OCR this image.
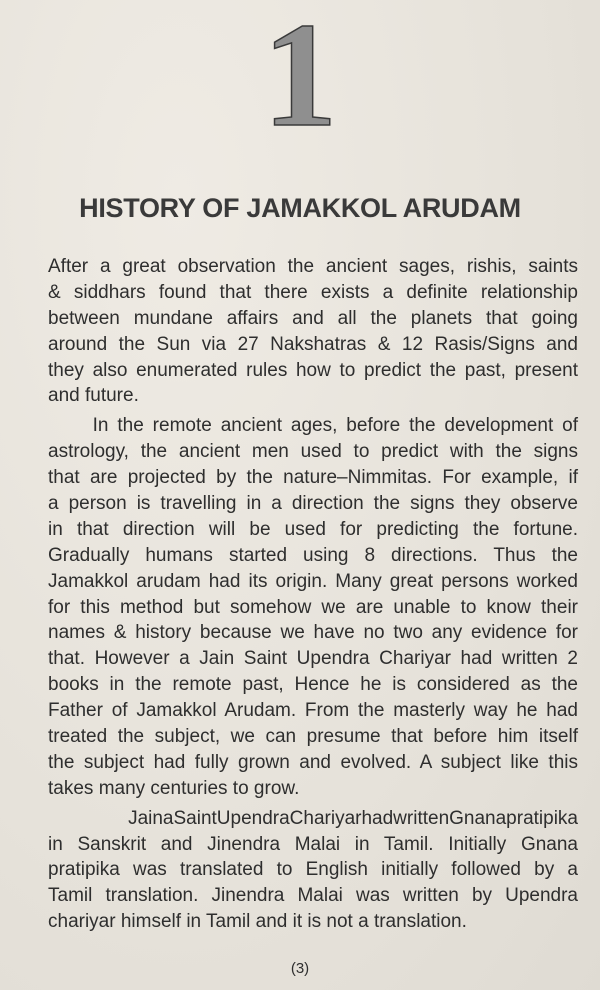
1
HISTORY OF JAMAKKOL ARUDAM
After a great observation the ancient sages, rishis, saints
& siddhars found that there exists a definite relationship
between mundane affairs and all the planets that going
around the Sun via 27 Nakshatras & 12 Rasis/Signs and
they also enumerated rules how to predict the past, present
and future.
In the remote ancient ages, before the development of
astrology, the ancient men used to predict with the signs
that are projected by the nature–Nimmitas. For example, if
a person is travelling in a direction the signs they observe
in that direction will be used for predicting the fortune.
Gradually humans started using 8 directions. Thus the
Jamakkol arudam had its origin. Many great persons worked
for this method but somehow we are unable to know their
names & history because we have no two any evidence for
that. However a Jain Saint Upendra Chariyar had written 2
books in the remote past, Hence he is considered as the
Father of Jamakkol Arudam. From the masterly way he had
treated the subject, we can presume that before him itself
the subject had fully grown and evolved. A subject like this
takes many centuries to grow.
JainaSaintUpendraChariyarhadwrittenGnanapratipika
in Sanskrit and Jinendra Malai in Tamil. Initially Gnana
pratipika was translated to English initially followed by a
Tamil translation. Jinendra Malai was written by Upendra
chariyar himself in Tamil and it is not a translation.
(3)
